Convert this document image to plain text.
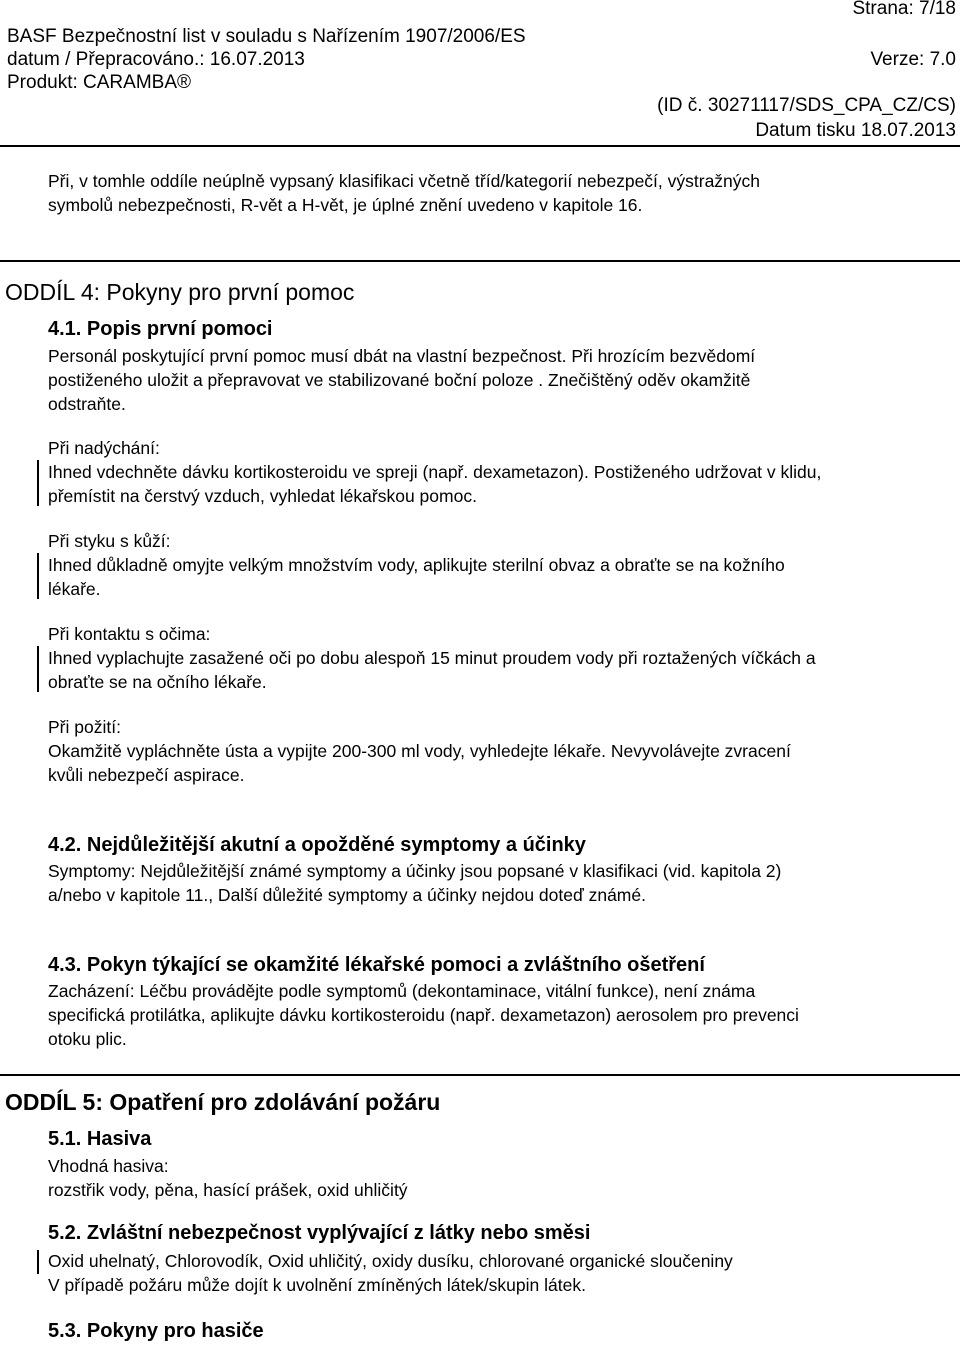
Strana: 7/18
BASF Bezpečnostní list v souladu s Nařízením 1907/2006/ES
datum / Přepracováno.: 16.07.2013	Verze: 7.0
Produkt: CARAMBA®
(ID č. 30271117/SDS_CPA_CZ/CS)
Datum tisku 18.07.2013
Při, v tomhle oddíle neúplně vypsaný klasifikaci včetně tříd/kategorií nebezpečí, výstražných
symbolů nebezpečnosti, R-vět a H-vět, je úplné znění uvedeno v kapitole 16.
ODDÍL 4: Pokyny pro první pomoc
4.1. Popis první pomoci
Personál poskytující první pomoc musí dbát na vlastní bezpečnost. Při hrozícím bezvědomí
postiženého uložit a přepravovat ve stabilizované boční poloze . Znečištěný oděv okamžitě
odstraňte.
Při nadýchání:
Ihned vdechněte dávku kortikosteroidu ve spreji (např. dexametazon). Postiženého udržovat v klidu,
přemístit na čerstvý vzduch, vyhledat lékařskou pomoc.
Při styku s kůží:
Ihned důkladně omyjte velkým množstvím vody, aplikujte sterilní obvaz a obraťte se na kožního
lékaře.
Při kontaktu s očima:
Ihned vyplachujte zasažené oči po dobu alespoň 15 minut proudem vody při roztažených víčkách a
obraťte se na očního lékaře.
Při požití:
Okamžitě vypláchněte ústa a vypijte 200-300 ml vody, vyhledejte lékaře. Nevyvolávejte zvracení
kvůli nebezpečí aspirace.
4.2. Nejdůležitější akutní a opožděné symptomy a účinky
Symptomy: Nejdůležitější známé symptomy a účinky jsou popsané v klasifikaci (vid. kapitola 2)
a/nebo v kapitole 11., Další důležité symptomy a účinky nejdou doteď známé.
4.3. Pokyn týkající se okamžité lékařské pomoci a zvláštního ošetření
Zacházení: Léčbu provádějte podle symptomů (dekontaminace, vitální funkce), není známa
specifická protilátka, aplikujte dávku kortikosteroidu (např. dexametazon) aerosolem pro prevenci
otoku plic.
ODDÍL 5: Opatření pro zdolávání požáru
5.1. Hasiva
Vhodná hasiva:
rozstřik vody, pěna, hasící prášek, oxid uhličitý
5.2. Zvláštní nebezpečnost vyplývající z látky nebo směsi
Oxid uhelnatý, Chlorovodík, Oxid uhličitý, oxidy dusíku, chlorované organické sloučeniny
V případě požáru může dojít k uvolnění zmíněných látek/skupin látek.
5.3. Pokyny pro hasiče
